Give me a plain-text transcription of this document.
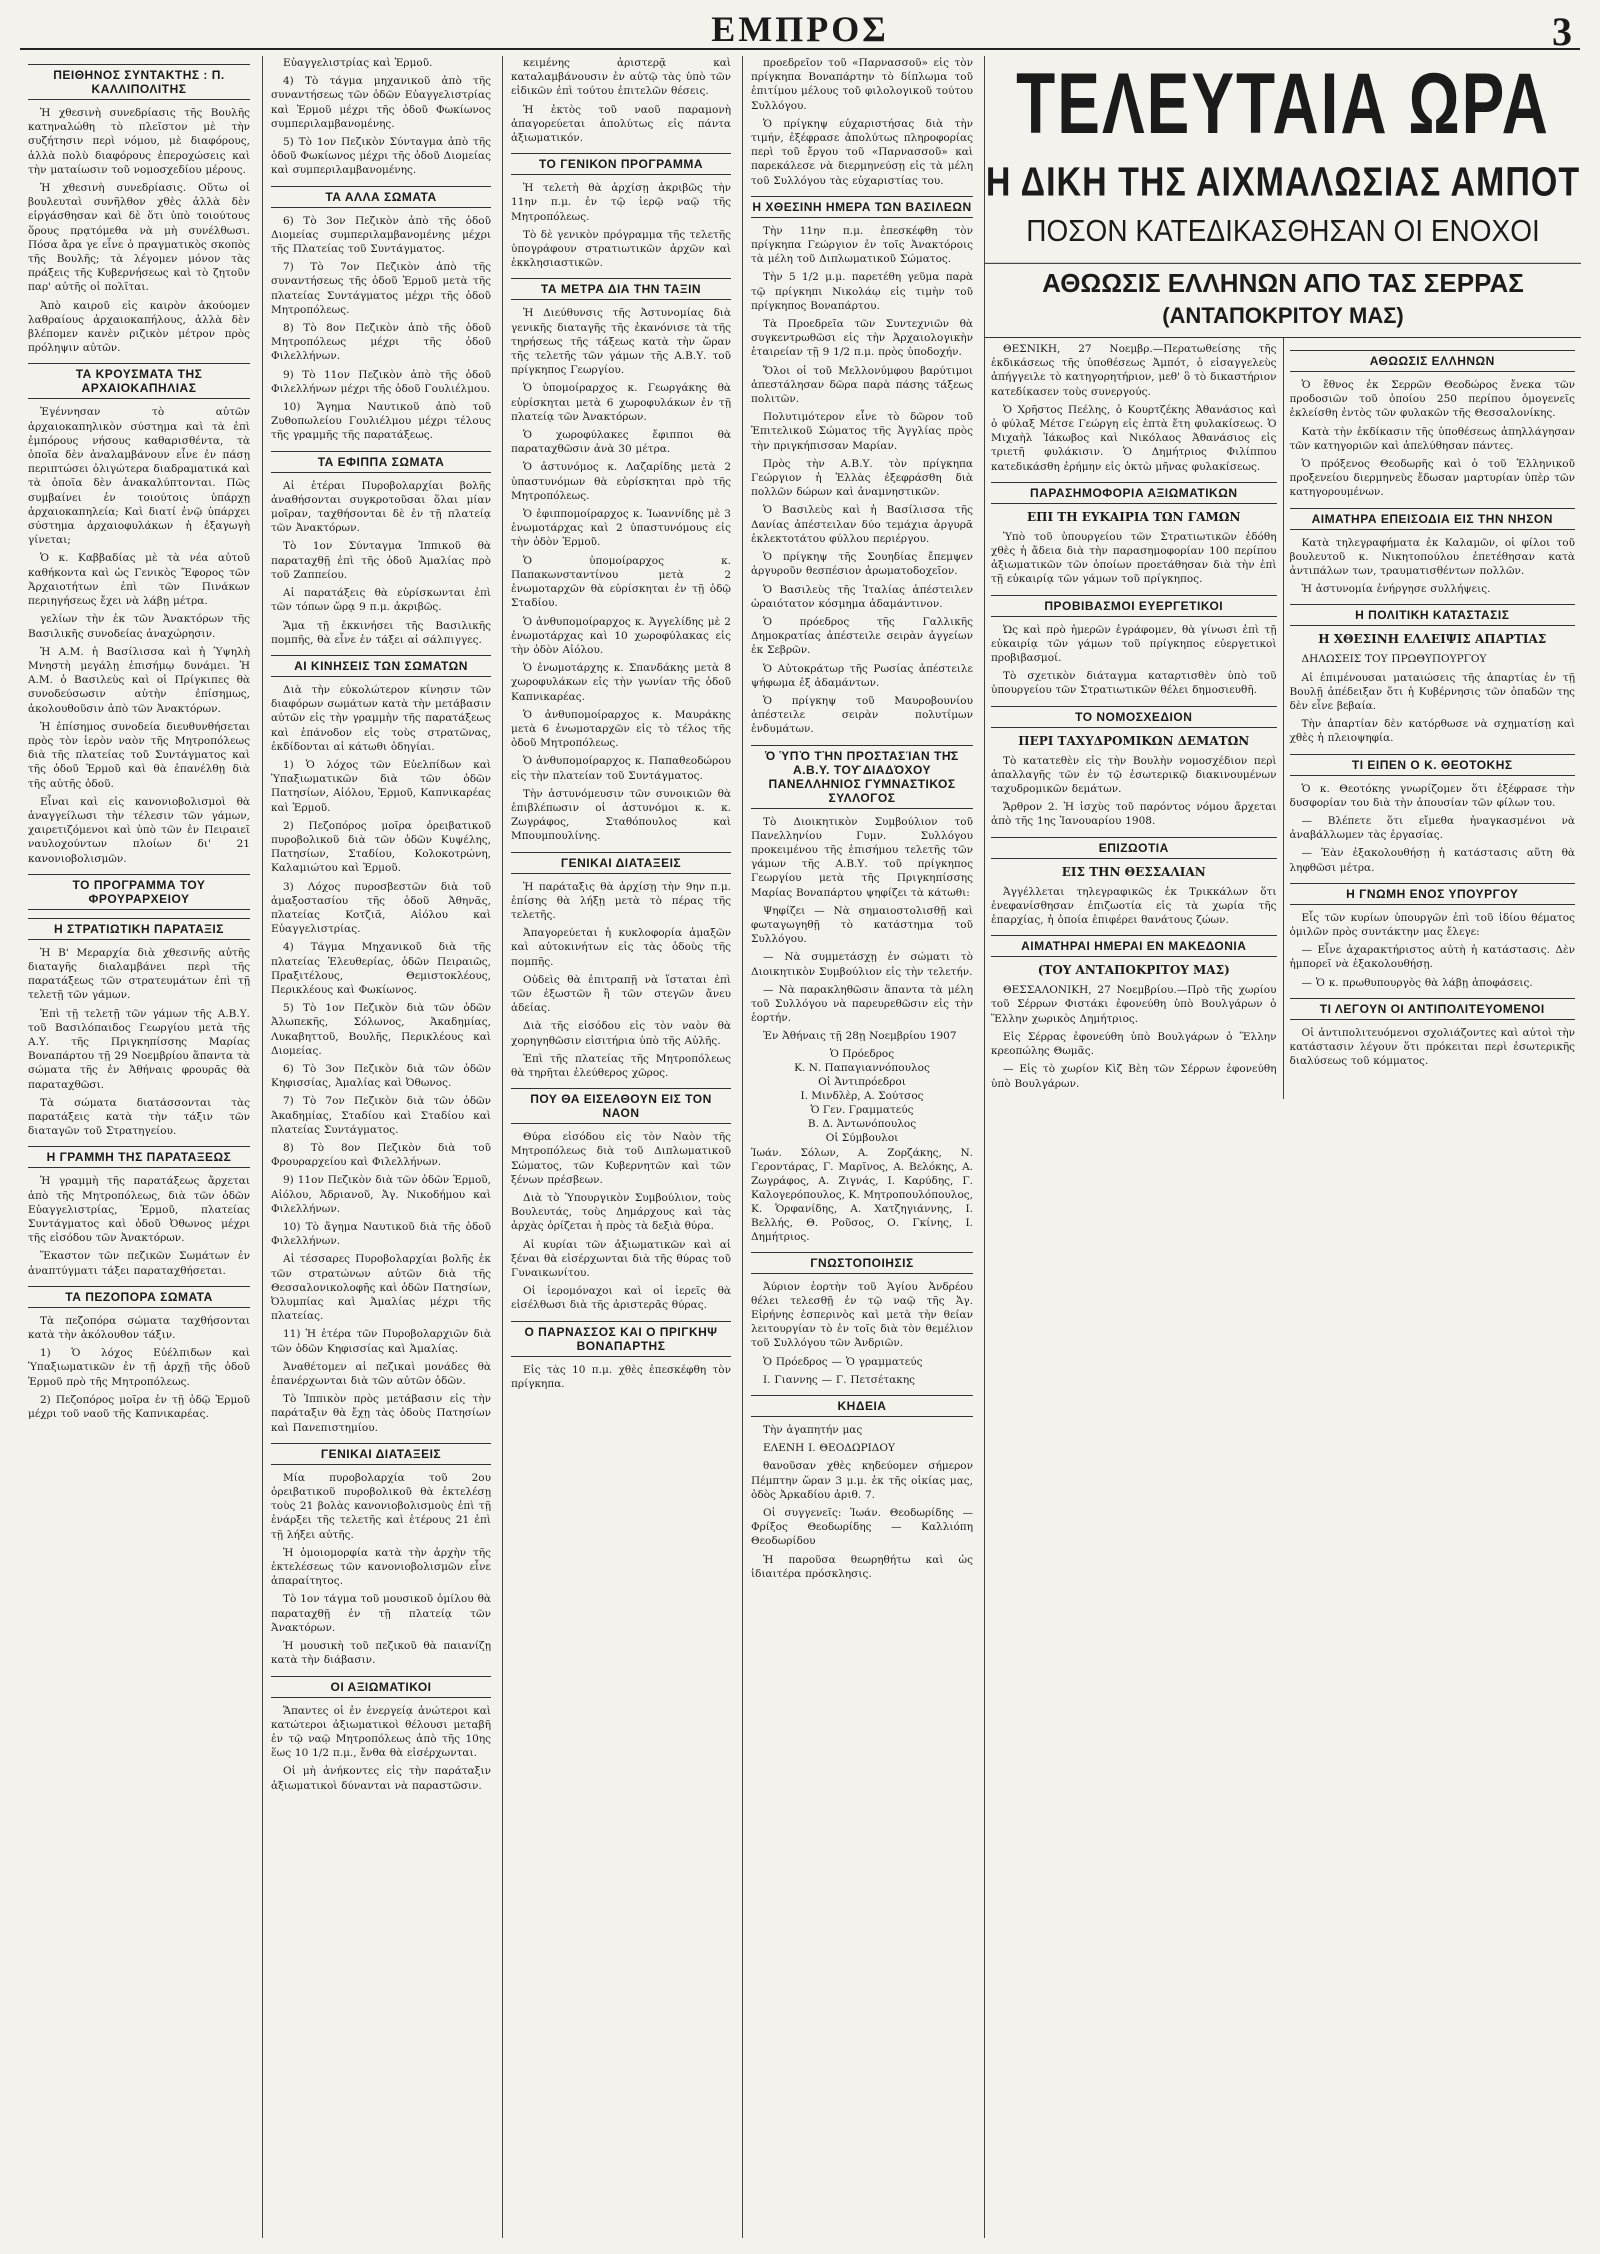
ΕΜΠΡΟΣ	3
ΠΕΙΘΗΝΟΣ ΣΥΝΤΑΚΤΗΣ : Π. ΚΑΛΛΙΠΟΛΙΤΗΣ

Ἡ χθεσινὴ συνεδρίασις τῆς Βουλῆς κατηναλώθη τὸ πλεῖστον μὲ τὴν συζήτησιν περὶ νόμου, μὲ διαφόρους, ἀλλὰ πολὺ διαφόρους ἐπεροχώσεις καὶ τὴν ματαίωσιν τοῦ νομοσχεδίου μέρους.

Ἡ χθεσινὴ συνεδρίασις. Οὕτω οἱ βουλευταὶ συνῆλθον χθὲς ἀλλὰ δὲν εἰργάσθησαν καὶ δὲ ὅτι ὑπὸ τοιούτους ὅρους πρᾳτόμεθα νὰ μὴ συνέλθωσι. Πόσα ἄρα γε εἶνε ὁ πραγματικὸς σκοπὸς τῆς Βουλῆς; τὰ λέγομεν μόνον τὰς πράξεις τῆς Κυβερνήσεως καὶ τὸ ζητοῦν παρ' αὐτῆς οἱ πολῖται.

Ἀπὸ καιροῦ εἰς καιρὸν ἀκούομεν λαθραίους ἀρχαιοκαπήλους, ἀλλὰ δὲν βλέπομεν κανὲν ριζικὸν μέτρον πρὸς πρόληψιν αὐτῶν.

ΤΑ ΚΡΟΥΣΜΑΤΑ ΤΗΣ ΑΡΧΑΙΟΚΑΠΗΛΙΑΣ

Ἐγέννησαν τὸ αὐτῶν ἀρχαιοκαπηλικὸν σύστημα καὶ τὰ ἐπὶ ἐμπόρους νήσους καθαρισθέντα, τὰ ὁποῖα δὲν ἀναλαμβάνουν εἶνε ἐν πάσῃ περιπτώσει ὀλιγώτερα διαδραματικά καὶ τὰ ὁποῖα δὲν ἀνακαλύπτονται. Πῶς συμβαίνει ἐν τοιούτοις ὑπάρχῃ ἀρχαιοκαπηλεία; Καὶ διατί ἐνῷ ὑπάρχει σύστημα ἀρχαιοφυλάκων ἡ ἐξαγωγὴ γίνεται;

Ὁ κ. Καββαδίας μὲ τὰ νέα αὐτοῦ καθήκοντα καὶ ὡς Γενικὸς Ἔφορος τῶν Ἀρχαιοτήτων ἐπὶ τῶν Πινάκων περιηγήσεως ἔχει νὰ λάβῃ μέτρα.

γελίων τὴν ἐκ τῶν Ἀνακτόρων τῆς Βασιλικῆς συνοδείας ἀναχώρησιν.

Ἡ Α.Μ. ἡ Βασίλισσα καὶ ἡ Ὑψηλὴ Μνηστὴ μεγάλῃ ἐπισήμῳ δυνάμει. Ἡ Α.Μ. ὁ Βασιλεὺς καὶ οἱ Πρίγκιπες θὰ συνοδεύσωσιν αὐτὴν ἐπίσημως, ἀκολουθοῦσιν ἀπὸ τῶν Ἀνακτόρων.

Ἡ ἐπίσημος συνοδεία διευθυνθήσεται πρὸς τὸν ἱερὸν ναὸν τῆς Μητροπόλεως διὰ τῆς πλατείας τοῦ Συντάγματος καὶ τῆς ὁδοῦ Ἑρμοῦ καὶ θὰ ἐπανέλθῃ διὰ τῆς αὐτῆς ὁδοῦ.

Εἶναι καὶ εἰς κανονιοβολισμοὶ θὰ ἀναγγείλωσι τὴν τέλεσιν τῶν γάμων, χαιρετιζόμενοι καὶ ὑπὸ τῶν ἐν Πειραιεῖ ναυλοχούντων πλοίων δι' 21 κανονιοβολισμῶν.

ΤΟ ΠΡΟΓΡΑΜΜΑ ΤΟΥ ΦΡΟΥΡΑΡΧΕΙΟΥ
Η ΣΤΡΑΤΙΩΤΙΚΗ ΠΑΡΑΤΑΞΙΣ

Ἡ Β' Μεραρχία διὰ χθεσινῆς αὐτῆς διαταγῆς διαλαμβάνει περὶ τῆς παρατάξεως τῶν στρατευμάτων ἐπὶ τῇ τελετῇ τῶν γάμων.

Ἐπὶ τῇ τελετῇ τῶν γάμων τῆς Α.Β.Υ. τοῦ Βασιλόπαιδος Γεωργίου μετὰ τῆς Α.Υ. τῆς Πριγκηπίσσης Μαρίας Βοναπάρτου τῇ 29 Νοεμβρίου ἅπαντα τὰ σώματα τῆς ἐν Ἀθήναις φρουρᾶς θὰ παραταχθῶσι.

Τὰ σώματα διατάσσονται τὰς παρατάξεις κατὰ τὴν τάξιν τῶν διαταγῶν τοῦ Στρατηγείου.

Η ΓΡΑΜΜΗ ΤΗΣ ΠΑΡΑΤΑΞΕΩΣ

Ἡ γραμμὴ τῆς παρατάξεως ἄρχεται ἀπὸ τῆς Μητροπόλεως, διὰ τῶν ὁδῶν Εὐαγγελιστρίας, Ἑρμοῦ, πλατείας Συντάγματος καὶ ὁδοῦ Ὀθωνος μέχρι τῆς εἰσόδου τῶν Ἀνακτόρων.

Ἕκαστον τῶν πεζικῶν Σωμάτων ἐν ἀναπτύγματι τάξει παραταχθήσεται.

ΤΑ ΠΕΖΟΠΟΡΑ ΣΩΜΑΤΑ

Τὰ πεζοπόρα σώματα ταχθήσονται κατὰ τὴν ἀκόλουθον τάξιν.

1) Ὁ λόχος Εὐέλπιδων καὶ Ὑπαξιωματικῶν ἐν τῇ ἀρχῇ τῆς ὁδοῦ Ἑρμοῦ πρὸ τῆς Μητροπόλεως.

2) Πεζοπόρος μοῖρα ἐν τῇ ὁδῷ Ἑρμοῦ μέχρι τοῦ ναοῦ τῆς Καπνικαρέας.

Εὐαγγελιστρίας καὶ Ἑρμοῦ.

4) Τὸ τάγμα μηχανικοῦ ἀπὸ τῆς συναντήσεως τῶν ὁδῶν Εὐαγγελιστρίας καὶ Ἑρμοῦ μέχρι τῆς ὁδοῦ Φωκίωνος συμπεριλαμβανομένης.

5) Τὸ 1ον Πεζικὸν Σύνταγμα ἀπὸ τῆς ὁδοῦ Φωκίωνος μέχρι τῆς ὁδοῦ Διομείας καὶ συμπεριλαμβανομένης.

ΤΑ ΑΛΛΑ ΣΩΜΑΤΑ

6) Τὸ 3ον Πεζικὸν ἀπὸ τῆς ὁδοῦ Διομείας συμπεριλαμβανομένης μέχρι τῆς Πλατείας τοῦ Συντάγματος.

7) Τὸ 7ον Πεζικὸν ἀπὸ τῆς συναντήσεως τῆς ὁδοῦ Ἑρμοῦ μετὰ τῆς πλατείας Συντάγματος μέχρι τῆς ὁδοῦ Μητροπόλεως.

8) Τὸ 8ον Πεζικὸν ἀπὸ τῆς ὁδοῦ Μητροπόλεως μέχρι τῆς ὁδοῦ Φιλελλήνων.

9) Τὸ 11ον Πεζικὸν ἀπὸ τῆς ὁδοῦ Φιλελλήνων μέχρι τῆς ὁδοῦ Γουλιέλμου.

10) Ἄγημα Ναυτικοῦ ἀπὸ τοῦ Ζυθοπωλείου Γουλιέλμου μέχρι τέλους τῆς γραμμῆς τῆς παρατάξεως.

ΤΑ ΕΦΙΠΠΑ ΣΩΜΑΤΑ

Αἱ ἐτέραι Πυροβολαρχίαι βολῆς ἀναθήσονται συγκροτοῦσαι ὅλαι μίαν μοῖραν, ταχθήσονται δὲ ἐν τῇ πλατείᾳ τῶν Ἀνακτόρων.

Τὸ 1ον Σύνταγμα Ἱππικοῦ θὰ παραταχθῇ ἐπὶ τῆς ὁδοῦ Ἀμαλίας πρὸ τοῦ Ζαππείου.

Αἱ παρατάξεις θὰ εὑρίσκωνται ἐπὶ τῶν τόπων ὥρᾳ 9 π.μ. ἀκριβῶς.

Ἅμα τῇ ἐκκινήσει τῆς Βασιλικῆς πομπῆς, θὰ εἶνε ἐν τάξει αἱ σάλπιγγες.

ΑΙ ΚΙΝΗΣΕΙΣ ΤΩΝ ΣΩΜΑΤΩΝ

Διὰ τὴν εὐκολώτερον κίνησιν τῶν διαφόρων σωμάτων κατὰ τὴν μετάβασιν αὐτῶν εἰς τὴν γραμμὴν τῆς παρατάξεως καὶ ἐπάνοδον εἰς τοὺς στρατῶνας, ἐκδίδονται αἱ κάτωθι ὁδηγίαι.

1) Ὁ λόχος τῶν Εὐελπίδων καὶ Ὑπαξιωματικῶν διὰ τῶν ὁδῶν Πατησίων, Αἰόλου, Ἑρμοῦ, Καπνικαρέας καὶ Ἑρμοῦ.

2) Πεζοπόρος μοῖρα ὀρειβατικοῦ πυροβολικοῦ διὰ τῶν ὁδῶν Κυψέλης, Πατησίων, Σταδίου, Κολοκοτρώνη, Καλαμιώτου καὶ Ἑρμοῦ.

3) Λόχος πυροσβεστῶν διὰ τοῦ ἀμαξοστασίου τῆς ὁδοῦ Ἀθηνᾶς, πλατείας Κοτζιᾶ, Αἰόλου καὶ Εὐαγγελιστρίας.

4) Τάγμα Μηχανικοῦ διὰ τῆς πλατείας Ἐλευθερίας, ὁδῶν Πειραιῶς, Πραξιτέλους, Θεμιστοκλέους, Περικλέους καὶ Φωκίωνος.

5) Τὸ 1ον Πεζικὸν διὰ τῶν ὁδῶν Ἀλωπεκῆς, Σόλωνος, Ἀκαδημίας, Λυκαβηττοῦ, Βουλῆς, Περικλέους καὶ Διομείας.

6) Τὸ 3ον Πεζικὸν διὰ τῶν ὁδῶν Κηφισσίας, Ἀμαλίας καὶ Ὀθωνος.

7) Τὸ 7ον Πεζικὸν διὰ τῶν ὁδῶν Ἀκαδημίας, Σταδίου καὶ Σταδίου καὶ πλατείας Συντάγματος.

8) Τὸ 8ον Πεζικὸν διὰ τοῦ Φρουραρχείου καὶ Φιλελλήνων.

9) 11ον Πεζικὸν διὰ τῶν ὁδῶν Ἑρμοῦ, Αἰόλου, Ἀδριανοῦ, Ἀγ. Νικοδήμου καὶ Φιλελλήνων.

10) Τὸ ἄγημα Ναυτικοῦ διὰ τῆς ὁδοῦ Φιλελλήνων.

Αἱ τέσσαρες Πυροβολαρχίαι βολῆς ἐκ τῶν στρατώνων αὐτῶν διὰ τῆς Θεσσαλονικολοφῆς καὶ ὁδῶν Πατησίων, Ὀλυμπίας καὶ Ἀμαλίας μέχρι τῆς πλατείας.

11) Ἡ ἑτέρα τῶν Πυροβολαρχιῶν διὰ τῶν ὁδῶν Κηφισσίας καὶ Ἀμαλίας.

Ἀναθέτομεν αἱ πεζικαὶ μονάδες θὰ ἐπανέρχωνται διὰ τῶν αὐτῶν ὁδῶν.

Τὸ Ἱππικὸν πρὸς μετάβασιν εἰς τὴν παράταξιν θὰ ἔχῃ τὰς ὁδοὺς Πατησίων καὶ Πανεπιστημίου.

ΓΕΝΙΚΑΙ ΔΙΑΤΑΞΕΙΣ

Μία πυροβολαρχία τοῦ 2ου ὀρειβατικοῦ πυροβολικοῦ θὰ ἐκτελέσῃ τοὺς 21 βολὰς κανονιοβολισμοὺς ἐπὶ τῇ ἐνάρξει τῆς τελετῆς καὶ ἑτέρους 21 ἐπὶ τῇ λήξει αὐτῆς.

Ἡ ὁμοιομορφία κατὰ τὴν ἀρχὴν τῆς ἐκτελέσεως τῶν κανονιοβολισμῶν εἶνε ἀπαραίτητος.

Τὸ 1ον τάγμα τοῦ μουσικοῦ ὁμίλου θὰ παραταχθῇ ἐν τῇ πλατείᾳ τῶν Ἀνακτόρων.

Ἡ μουσικὴ τοῦ πεζικοῦ θὰ παιανίζῃ κατὰ τὴν διάβασιν.

ΟΙ ΑΞΙΩΜΑΤΙΚΟΙ

Ἅπαντες οἱ ἐν ἐνεργείᾳ ἀνώτεροι καὶ κατώτεροι ἀξιωματικοὶ θέλουσι μεταβῆ ἐν τῷ ναῷ Μητροπόλεως ἀπὸ τῆς 10ης ἕως 10 1/2 π.μ., ἔνθα θὰ εἰσέρχωνται.

Οἱ μὴ ἀνήκοντες εἰς τὴν παράταξιν ἀξιωματικοὶ δύνανται νὰ παραστῶσιν.

κειμένης ἀριστερᾷ καὶ καταλαμβάνουσιν ἐν αὐτῷ τὰς ὑπὸ τῶν εἰδικῶν ἐπὶ τούτου ἐπιτελῶν θέσεις.

Ἡ ἐκτὸς τοῦ ναοῦ παραμονὴ ἀπαγορεύεται ἀπολύτως εἰς πάντα ἀξιωματικόν.

ΤΟ ΓΕΝΙΚΟΝ ΠΡΟΓΡΑΜΜΑ

Ἡ τελετὴ θὰ ἀρχίσῃ ἀκριβῶς τὴν 11ην π.μ. ἐν τῷ ἱερῷ ναῷ τῆς Μητροπόλεως.

Τὸ δὲ γενικὸν πρόγραμμα τῆς τελετῆς ὑπογράφουν στρατιωτικῶν ἀρχῶν καὶ ἐκκλησιαστικῶν.

ΤΑ ΜΕΤΡΑ ΔΙΑ ΤΗΝ ΤΑΞΙΝ

Ἡ Διεύθυνσις τῆς Ἀστυνομίας διὰ γενικῆς διαταγῆς τῆς ἐκανόνισε τὰ τῆς τηρήσεως τῆς τάξεως κατὰ τὴν ὥραν τῆς τελετῆς τῶν γάμων τῆς Α.Β.Υ. τοῦ πρίγκηπος Γεωργίου.

Ὁ ὑπομοίραρχος κ. Γεωργάκης θὰ εὑρίσκηται μετὰ 6 χωροφυλάκων ἐν τῇ πλατείᾳ τῶν Ἀνακτόρων.

Ὁ χωροφύλακες ἔφιπποι θὰ παραταχθῶσιν ἀνὰ 30 μέτρα.

Ὁ ἀστυνόμος κ. Λαζαρίδης μετὰ 2 ὑπαστυνόμων θὰ εὑρίσκηται πρὸ τῆς Μητροπόλεως.

Ὁ ἐφιππομοίραρχος κ. Ἰωαννίδης μὲ 3 ἐνωμοτάρχας καὶ 2 ὑπαστυνόμους εἰς τὴν ὁδὸν Ἑρμοῦ.

Ὁ ὑπομοίραρχος κ. Παπακωνσταντίνου μετὰ 2 ἐνωμοταρχῶν θὰ εὑρίσκηται ἐν τῇ ὁδῷ Σταδίου.

Ὁ ἀνθυπομοίραρχος κ. Ἀγγελίδης μὲ 2 ἐνωμοτάρχας καὶ 10 χωροφύλακας εἰς τὴν ὁδὸν Αἰόλου.

Ὁ ἐνωμοτάρχης κ. Σπανδάκης μετὰ 8 χωροφυλάκων εἰς τὴν γωνίαν τῆς ὁδοῦ Καπνικαρέας.

Ὁ ἀνθυπομοίραρχος κ. Μαυράκης μετὰ 6 ἐνωμοταρχῶν εἰς τὸ τέλος τῆς ὁδοῦ Μητροπόλεως.

Ὁ ἀνθυπομοίραρχος κ. Παπαθεοδώρου εἰς τὴν πλατείαν τοῦ Συντάγματος.

Τὴν ἀστυνόμευσιν τῶν συνοικιῶν θὰ ἐπιβλέπωσιν οἱ ἀστυνόμοι κ. κ. Ζωγράφος, Σταθόπουλος καὶ Μπουμπουλίνης.

ΓΕΝΙΚΑΙ ΔΙΑΤΑΞΕΙΣ

Ἡ παράταξις θὰ ἀρχίσῃ τὴν 9ην π.μ. ἐπίσης θὰ λήξῃ μετὰ τὸ πέρας τῆς τελετῆς.

Ἀπαγορεύεται ἡ κυκλοφορία ἁμαξῶν καὶ αὐτοκινήτων εἰς τὰς ὁδοὺς τῆς πομπῆς.

Οὐδεὶς θὰ ἐπιτραπῇ νὰ ἵσταται ἐπὶ τῶν ἐξωστῶν ἢ τῶν στεγῶν ἄνευ ἀδείας.

Διὰ τῆς εἰσόδου εἰς τὸν ναὸν θὰ χορηγηθῶσιν εἰσιτήρια ὑπὸ τῆς Αὐλῆς.

Ἐπὶ τῆς πλατείας τῆς Μητροπόλεως θὰ τηρῆται ἐλεύθερος χῶρος.

ΠΟΥ ΘΑ ΕΙΣΕΛΘΟΥΝ ΕΙΣ ΤΟΝ ΝΑΟΝ

Θύρα εἰσόδου εἰς τὸν Ναὸν τῆς Μητροπόλεως διὰ τοῦ Διπλωματικοῦ Σώματος, τῶν Κυβερνητῶν καὶ τῶν ξένων πρέσβεων.

Διὰ τὸ Ὑπουργικὸν Συμβούλιον, τοὺς Βουλευτάς, τοὺς Δημάρχους καὶ τὰς ἀρχὰς ὁρίζεται ἡ πρὸς τὰ δεξιὰ θύρα.

Αἱ κυρίαι τῶν ἀξιωματικῶν καὶ αἱ ξέναι θὰ εἰσέρχωνται διὰ τῆς θύρας τοῦ Γυναικωνίτου.

Οἱ ἱερομόναχοι καὶ οἱ ἱερεῖς θὰ εἰσέλθωσι διὰ τῆς ἀριστερᾶς θύρας.

Ο ΠΑΡΝΑΣΣΟΣ ΚΑΙ Ο ΠΡΙΓΚΗΨ ΒΟΝΑΠΑΡΤΗΣ

Εἰς τὰς 10 π.μ. χθὲς ἐπεσκέφθη τὸν πρίγκηπα.

προεδρεῖον τοῦ «Παρνασσοῦ» εἰς τὸν πρίγκηπα Βοναπάρτην τὸ δίπλωμα τοῦ ἐπιτίμου μέλους τοῦ φιλολογικοῦ τούτου Συλλόγου.

Ὁ πρίγκηψ εὐχαριστήσας διὰ τὴν τιμήν, ἐξέφρασε ἀπολύτως πληροφορίας περὶ τοῦ ἔργου τοῦ «Παρνασσοῦ» καὶ παρεκάλεσε νὰ διερμηνεύσῃ εἰς τὰ μέλη τοῦ Συλλόγου τὰς εὐχαριστίας του.

Η ΧΘΕΣΙΝΗ ΗΜΕΡΑ ΤΩΝ ΒΑΣΙΛΕΩΝ

Τὴν 11ην π.μ. ἐπεσκέφθη τὸν πρίγκηπα Γεώργιον ἐν τοῖς Ἀνακτόροις τὰ μέλη τοῦ Διπλωματικοῦ Σώματος.

Τὴν 5 1/2 μ.μ. παρετέθη γεῦμα παρὰ τῷ πρίγκηπι Νικολάῳ εἰς τιμὴν τοῦ πρίγκηπος Βοναπάρτου.

Τὰ Προεδρεῖα τῶν Συντεχνιῶν θὰ συγκεντρωθῶσι εἰς τὴν Ἀρχαιολογικὴν ἑταιρείαν τῇ 9 1/2 π.μ. πρὸς ὑποδοχήν.

Ὅλοι οἱ τοῦ Μελλονύμφου βαρύτιμοι ἀπεστάλησαν δῶρα παρὰ πάσης τάξεως πολιτῶν.

Πολυτιμότερον εἶνε τὸ δῶρον τοῦ Ἐπιτελικοῦ Σώματος τῆς Ἀγγλίας πρὸς τὴν πριγκήπισσαν Μαρίαν.

Πρὸς τὴν Α.Β.Υ. τὸν πρίγκηπα Γεώργιον ἡ Ἑλλὰς ἐξεφράσθη διὰ πολλῶν δώρων καὶ ἀναμνηστικῶν.

Ὁ Βασιλεὺς καὶ ἡ Βασίλισσα τῆς Δανίας ἀπέστειλαν δύο τεμάχια ἀργυρᾶ ἐκλεκτοτάτου φύλλου περιέργου.

Ὁ πρίγκηψ τῆς Σουηδίας ἔπεμψεν ἀργυροῦν θεσπέσιον ἀρωματοδοχεῖον.

Ὁ Βασιλεὺς τῆς Ἰταλίας ἀπέστειλεν ὡραιότατον κόσμημα ἀδαμάντινον.

Ὁ πρόεδρος τῆς Γαλλικῆς Δημοκρατίας ἀπέστειλε σειρὰν ἀγγείων ἐκ Σεβρῶν.

Ὁ Αὐτοκράτωρ τῆς Ρωσίας ἀπέστειλε ψήφωμα ἐξ ἀδαμάντων.

Ὁ πρίγκηψ τοῦ Μαυροβουνίου ἀπέστειλε σειρὰν πολυτίμων ἐνδυμάτων.

Ὁ ὙΠῸ ΤῊΝ ΠΡΟΣΤΑΣΊΑΝ ΤΗ͂Σ Α.Β.Υ. ΤΟΥ͂ ΔΙΑΔΌΧΟΥ ΠΑΝΕΛΛΗΝΙΟΣ ΓΥΜΝΑΣΤΙΚΟΣ ΣΥΛΛΟΓΟΣ

Τὸ Διοικητικὸν Συμβούλιον τοῦ Πανελληνίου Γυμν. Συλλόγου προκειμένου τῆς ἐπισήμου τελετῆς τῶν γάμων τῆς Α.Β.Υ. τοῦ πρίγκηπος Γεωργίου μετὰ τῆς Πριγκηπίσσης Μαρίας Βοναπάρτου ψηφίζει τὰ κάτωθι:

Ψηφίζει — Νὰ σημαιοστολισθῇ καὶ φωταγωγηθῇ τὸ κατάστημα τοῦ Συλλόγου.

— Νὰ συμμετάσχῃ ἐν σώματι τὸ Διοικητικὸν Συμβούλιον εἰς τὴν τελετήν.

— Νὰ παρακληθῶσιν ἅπαντα τὰ μέλη τοῦ Συλλόγου νὰ παρευρεθῶσιν εἰς τὴν ἑορτήν.

Ἐν Ἀθήναις τῇ 28ῃ Νοεμβρίου 1907

Ὁ Πρόεδρος
Κ. Ν. Παπαγιαννόπουλος
Οἱ Ἀντιπρόεδροι
Ι. Μινδλὲρ, Α. Σούτσος
Ὁ Γεν. Γραμματεύς
Β. Δ. Ἀντωνόπουλος
Οἱ Σύμβουλοι
Ἰωάν. Σόλων, Α. Ζορζάκης, Ν. Γεροντάρας, Γ. Μαρῖνος, Α. Βελόκης, Α. Ζωγράφος, Α. Ζιγνάς, Ι. Καρύδης, Γ. Καλογερόπουλος, Κ. Μητροπουλόπουλος, Κ. Ὁρφανίδης, Α. Χατζηγιάννης, Ι. Βελλής, Θ. Ροῦσος, Ο. Γκίνης, Ι. Δημήτριος.
ΓΝΩΣΤΟΠΟΙΗΣΙΣ

Ἀύριον ἑορτὴν τοῦ Ἁγίου Ἀνδρέου θέλει τελεσθῇ ἐν τῷ ναῷ τῆς Ἁγ. Εἰρήνης ἑσπερινὸς καὶ μετὰ τὴν θείαν λειτουργίαν τὸ ἐν τοῖς διὰ τὸν θεμέλιον τοῦ Συλλόγου τῶν Ἀνδριῶν.

Ὁ Πρόεδρος — Ὁ γραμματεύς

Ι. Γιαννης — Γ. Πετσέτακης

ΚΗΔΕΙΑ

Τὴν ἀγαπητήν μας

ΕΛΕΝΗ Ι. ΘΕΟΔΩΡΙΔΟΥ

θανοῦσαν χθὲς κηδεύομεν σήμερον Πέμπτην ὥραν 3 μ.μ. ἐκ τῆς οἰκίας μας, ὁδὸς Ἀρκαδίου ἀριθ. 7.

Οἱ συγγενεῖς: Ἰωάν. Θεοδωρίδης — Φρίξος Θεοδωρίδης — Καλλιόπη Θεοδωρίδου

Ἡ παροῦσα θεωρηθήτω καὶ ὡς ἰδιαιτέρα πρόσκλησις.

ΤΕΛΕΥΤΑΙΑ ΩΡΑ
Η ΔΙΚΗ ΤΗΣ ΑΙΧΜΑΛΩΣΙΑΣ ΑΜΠΟΤ
ΠΟΣΟΝ ΚΑΤΕΔΙΚΑΣΘΗΣΑΝ ΟΙ ΕΝΟΧΟΙ
ΑΘΩΩΣΙΣ ΕΛΛΗΝΩΝ ΑΠΟ ΤΑΣ ΣΕΡΡΑΣ
(ΑΝΤΑΠΟΚΡΙΤΟΥ ΜΑΣ)

ΘΕΣΝΙΚΗ, 27 Νοεμβρ.—Περατωθείσης τῆς ἐκδικάσεως τῆς ὑποθέσεως Ἀμπότ, ὁ εἰσαγγελεὺς ἀπήγγειλε τὸ κατηγορητήριον, μεθ' ὃ τὸ δικαστήριον κατεδίκασεν τοὺς συνεργούς.

Ὁ Χρῆστος Πεέλης, ὁ Κουρτζέκης Ἀθανάσιος καὶ ὁ φύλαξ Μέτσε Γεώργη εἰς ἑπτὰ ἔτη φυλακίσεως. Ὁ Μιχαὴλ Ἰάκωβος καὶ Νικόλαος Ἀθανάσιος εἰς τριετῆ φυλάκισιν. Ὁ Δημήτριος Φιλίππου κατεδικάσθη ἐρήμην εἰς ὀκτὼ μῆνας φυλακίσεως.

ΠΑΡΑΣΗΜΟΦΟΡΙΑ ΑΞΙΩΜΑΤΙΚΩΝ
ΕΠΙ ΤΗ ΕΥΚΑΙΡΙΑ ΤΩΝ ΓΑΜΩΝ

Ὑπὸ τοῦ ὑπουργείου τῶν Στρατιωτικῶν ἐδόθη χθὲς ἡ ἄδεια διὰ τὴν παρασημοφορίαν 100 περίπου ἀξιωματικῶν τῶν ὁποίων προετάθησαν διὰ τὴν ἐπὶ τῇ εὐκαιρίᾳ τῶν γάμων τοῦ πρίγκηπος.

ΠΡΟΒΙΒΑΣΜΟΙ ΕΥΕΡΓΕΤΙΚΟΙ

Ὡς καὶ πρὸ ἡμερῶν ἐγράφομεν, θὰ γίνωσι ἐπὶ τῇ εὐκαιρίᾳ τῶν γάμων τοῦ πρίγκηπος εὐεργετικοὶ προβιβασμοί.

Τὸ σχετικὸν διάταγμα καταρτισθὲν ὑπὸ τοῦ ὑπουργείου τῶν Στρατιωτικῶν θέλει δημοσιευθῆ.

ΤΟ ΝΟΜΟΣΧΕΔΙΟΝ
ΠΕΡΙ ΤΑΧΥΔΡΟΜΙΚΩΝ ΔΕΜΑΤΩΝ

Τὸ κατατεθὲν εἰς τὴν Βουλὴν νομοσχέδιον περὶ ἀπαλλαγῆς τῶν ἐν τῷ ἐσωτερικῷ διακινουμένων ταχυδρομικῶν δεμάτων.

Ἄρθρον 2. Ἡ ἰσχὺς τοῦ παρόντος νόμου ἄρχεται ἀπὸ τῆς 1ης Ἰανουαρίου 1908.

ΕΠΙΖΩΟΤΙΑ
ΕΙΣ ΤΗΝ ΘΕΣΣΑΛΙΑΝ

Ἀγγέλλεται τηλεγραφικῶς ἐκ Τρικκάλων ὅτι ἐνεφανίσθησαν ἐπιζωοτία εἰς τὰ χωρία τῆς ἐπαρχίας, ἡ ὁποία ἐπιφέρει θανάτους ζώων.

ΑΙΜΑΤΗΡΑΙ ΗΜΕΡΑΙ ΕΝ ΜΑΚΕΔΟΝΙΑ
(ΤΟΥ ΑΝΤΑΠΟΚΡΙΤΟΥ ΜΑΣ)

ΘΕΣΣΑΛΟΝΙΚΗ, 27 Νοεμβρίου.—Πρὸ τῆς χωρίου τοῦ Σέρρων Φιστάκι ἐφονεύθη ὑπὸ Βουλγάρων ὁ Ἕλλην χωρικὸς Δημήτριος.

Εἰς Σέρρας ἐφονεύθη ὑπὸ Βουλγάρων ὁ Ἕλλην κρεοπώλης Θωμᾶς.

— Εἰς τὸ χωρίον Κὶζ Βὲη τῶν Σέρρων ἐφονεύθη ὑπὸ Βουλγάρων.

ΑΘΩΩΣΙΣ ΕΛΛΗΝΩΝ

Ὁ ἔθνος ἐκ Σερρῶν Θεοδώρος ἔνεκα τῶν προδοσιῶν τοῦ ὁποίου 250 περίπου ὁμογενεῖς ἐκλείσθη ἐντὸς τῶν φυλακῶν τῆς Θεσσαλονίκης.

Κατὰ τὴν ἐκδίκασιν τῆς ὑποθέσεως ἀπηλλάγησαν τῶν κατηγοριῶν καὶ ἀπελύθησαν πάντες.

Ὁ πρόξενος Θεοδωρῆς καὶ ὁ τοῦ Ἐλληνικοῦ προξενείου διερμηνεὺς ἔδωσαν μαρτυρίαν ὑπὲρ τῶν κατηγορουμένων.

ΑΙΜΑΤΗΡΑ ΕΠΕΙΣΟΔΙΑ ΕΙΣ ΤΗΝ ΝΗΣΟΝ

Κατὰ τηλεγραφήματα ἐκ Καλαμῶν, οἱ φίλοι τοῦ βουλευτοῦ κ. Νικητοπούλου ἐπετέθησαν κατὰ ἀντιπάλων των, τραυματισθέντων πολλῶν.

Ἡ ἀστυνομία ἐνήργησε συλλήψεις.

Η ΠΟΛΙΤΙΚΗ ΚΑΤΑΣΤΑΣΙΣ
Η ΧΘΕΣΙΝΗ ΕΛΛΕΙΨΙΣ ΑΠΑΡΤΙΑΣ

ΔΗΛΩΣΕΙΣ ΤΟΥ ΠΡΩΘΥΠΟΥΡΓΟΥ

Αἱ ἐπιμένουσαι ματαιώσεις τῆς ἀπαρτίας ἐν τῇ Βουλῇ ἀπέδειξαν ὅτι ἡ Κυβέρνησις τῶν ὁπαδῶν της δὲν εἶνε βεβαία.

Τὴν ἀπαρτίαν δὲν κατόρθωσε νὰ σχηματίσῃ καὶ χθὲς ἡ πλειοψηφία.

ΤΙ ΕΙΠΕΝ Ο Κ. ΘΕΟΤΟΚΗΣ

Ὁ κ. Θεοτόκης γνωρίζομεν ὅτι ἐξέφρασε τὴν δυσφορίαν του διὰ τὴν ἀπουσίαν τῶν φίλων του.

— Βλέπετε ὅτι εἴμεθα ἠναγκασμένοι νὰ ἀναβάλλωμεν τὰς ἐργασίας.

— Ἐὰν ἐξακολουθήσῃ ἡ κατάστασις αὕτη θὰ ληφθῶσι μέτρα.

Η ΓΝΩΜΗ ΕΝΟΣ ΥΠΟΥΡΓΟΥ

Εἷς τῶν κυρίων ὑπουργῶν ἐπὶ τοῦ ἰδίου θέματος ὁμιλῶν πρὸς συντάκτην μας ἔλεγε:

— Εἶνε ἀχαρακτήριστος αὐτὴ ἡ κατάστασις. Δὲν ἠμπορεῖ νὰ ἐξακολουθήσῃ.

— Ὁ κ. πρωθυπουργὸς θὰ λάβῃ ἀποφάσεις.

ΤΙ ΛΕΓΟΥΝ ΟΙ ΑΝΤΙΠΟΛΙΤΕΥΟΜΕΝΟΙ

Οἱ ἀντιπολιτευόμενοι σχολιάζοντες καὶ αὐτοὶ τὴν κατάστασιν λέγουν ὅτι πρόκειται περὶ ἐσωτερικῆς διαλύσεως τοῦ κόμματος.
